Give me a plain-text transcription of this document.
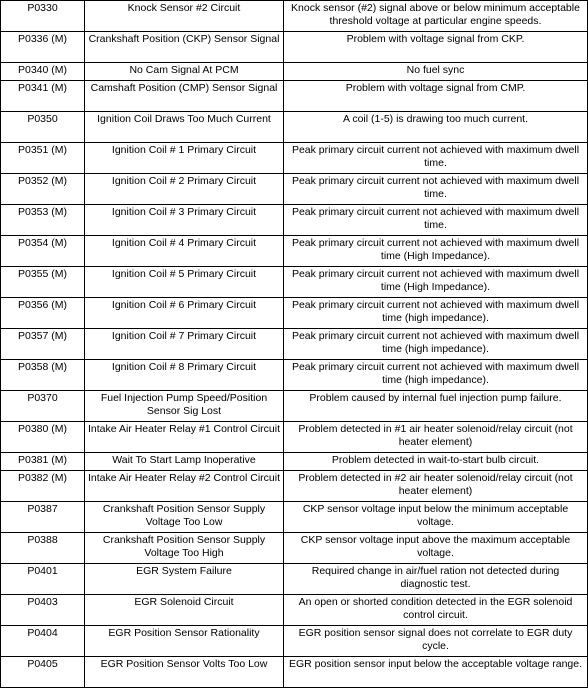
P0330	Knock Sensor #2 Circuit	Knock sensor (#2) signal above or below minimum acceptable threshold voltage at particular engine speeds.
P0336 (M)	Crankshaft Position (CKP) Sensor Signal	Problem with voltage signal from CKP.
P0340 (M)	No Cam Signal At PCM	No fuel sync
P0341 (M)	Camshaft Position (CMP) Sensor Signal	Problem with voltage signal from CMP.
P0350	Ignition Coil Draws Too Much Current	A coil (1-5) is drawing too much current.
P0351 (M)	Ignition Coil # 1 Primary Circuit	Peak primary circuit current not achieved with maximum dwell time.
P0352 (M)	Ignition Coil # 2 Primary Circuit	Peak primary circuit current not achieved with maximum dwell time.
P0353 (M)	Ignition Coil # 3 Primary Circuit	Peak primary circuit current not achieved with maximum dwell time.
P0354 (M)	Ignition Coil # 4 Primary Circuit	Peak primary circuit current not achieved with maximum dwell time (High Impedance).
P0355 (M)	Ignition Coil # 5 Primary Circuit	Peak primary circuit current not achieved with maximum dwell time (High Impedance).
P0356 (M)	Ignition Coil # 6 Primary Circuit	Peak primary circuit current not achieved with maximum dwell time (high impedance).
P0357 (M)	Ignition Coil # 7 Primary Circuit	Peak primary circuit current not achieved with maximum dwell time (high impedance).
P0358 (M)	Ignition Coil # 8 Primary Circuit	Peak primary circuit current not achieved with maximum dwell time (high impedance).
P0370	Fuel Injection Pump Speed/Position Sensor Sig Lost	Problem caused by internal fuel injection pump failure.
P0380 (M)	Intake Air Heater Relay #1 Control Circuit	Problem detected in #1 air heater solenoid/relay circuit (not heater element)
P0381 (M)	Wait To Start Lamp Inoperative	Problem detected in wait-to-start bulb circuit.
P0382 (M)	Intake Air Heater Relay #2 Control Circuit	Problem detected in #2 air heater solenoid/relay circuit (not heater element)
P0387	Crankshaft Position Sensor Supply Voltage Too Low	CKP sensor voltage input below the minimum acceptable voltage.
P0388	Crankshaft Position Sensor Supply Voltage Too High	CKP sensor voltage input above the maximum acceptable voltage.
P0401	EGR System Failure	Required change in air/fuel ration not detected during diagnostic test.
P0403	EGR Solenoid Circuit	An open or shorted condition detected in the EGR solenoid control circuit.
P0404	EGR Position Sensor Rationality	EGR position sensor signal does not correlate to EGR duty cycle.
P0405	EGR Position Sensor Volts Too Low	EGR position sensor input below the acceptable voltage range.
